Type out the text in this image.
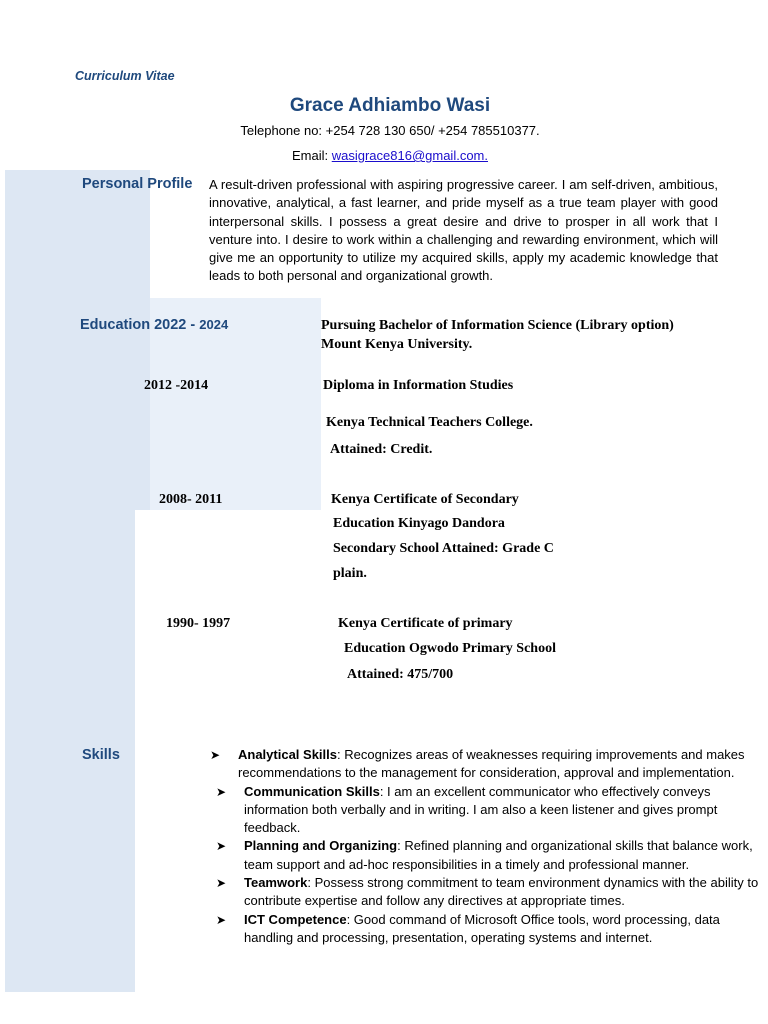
Curriculum Vitae
Grace Adhiambo Wasi
Telephone no: +254 728 130 650/ +254 785510377.
Email: wasigrace816@gmail.com.
Personal Profile A result-driven professional with aspiring progressive career. I am self-driven, ambitious, innovative, analytical, a fast learner, and pride myself as a true team player with good interpersonal skills. I possess a great desire and drive to prosper in all work that I venture into. I desire to work within a challenging and rewarding environment, which will give me an opportunity to utilize my acquired skills, apply my academic knowledge that leads to both personal and organizational growth.
Education 2022 - 2024	Pursuing Bachelor of Information Science (Library option)
Mount Kenya University.
2012 -2014	Diploma in Information Studies
Kenya Technical Teachers College.
Attained: Credit.
2008- 2011	Kenya Certificate of Secondary
Education Kinyago Dandora
Secondary School Attained: Grade C
plain.
1990- 1997	Kenya Certificate of primary
Education Ogwodo Primary School
Attained: 475/700
Skills	➤ Analytical Skills: Recognizes areas of weaknesses requiring improvements and makes recommendations to the management for consideration, approval and implementation.

➤ Communication Skills: I am an excellent communicator who effectively conveys information both verbally and in writing. I am also a keen listener and gives prompt feedback.

➤ Planning and Organizing: Refined planning and organizational skills that balance work, team support and ad-hoc responsibilities in a timely and professional manner.

➤ Teamwork: Possess strong commitment to team environment dynamics with the ability to contribute expertise and follow any directives at appropriate times.

➤ ICT Competence: Good command of Microsoft Office tools, word processing, data handling and processing, presentation, operating systems and internet.
